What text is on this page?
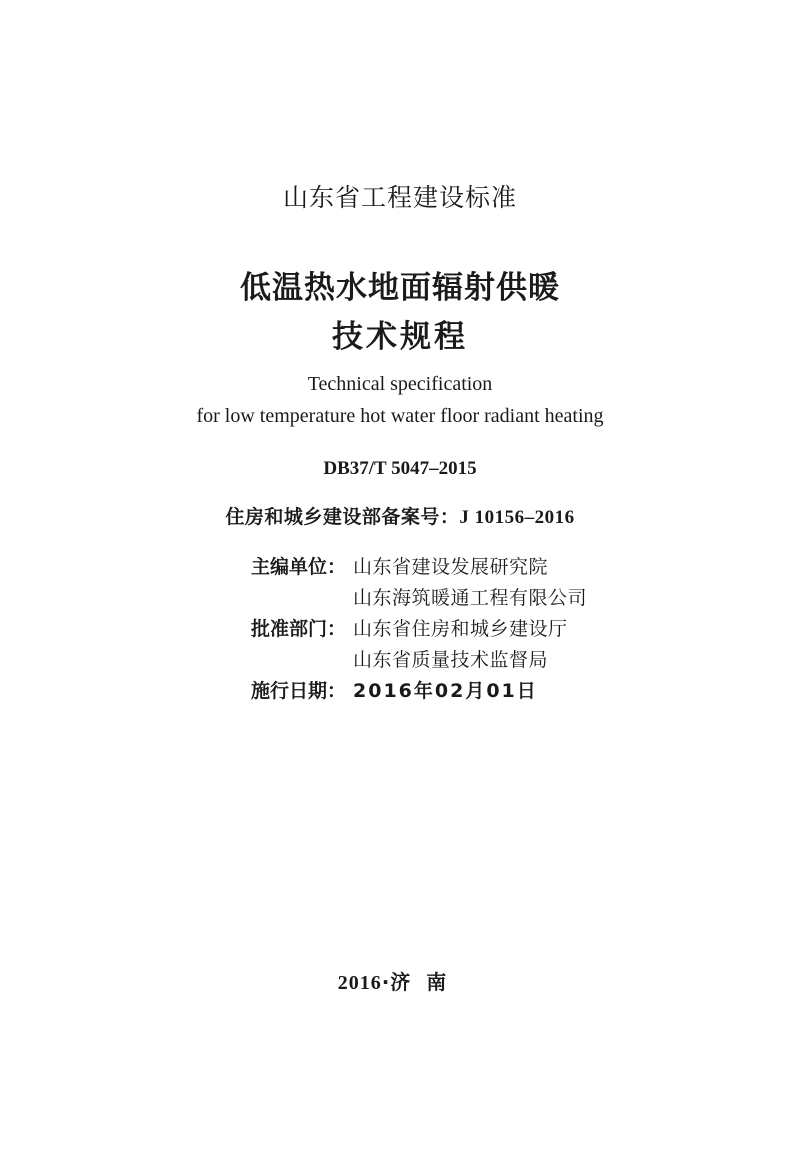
山东省工程建设标准
低温热水地面辐射供暖
技术规程
Technical specification
for low temperature hot water floor radiant heating
DB37/T 5047–2015
住房和城乡建设部备案号：J 10156–2016
主编单位： 山东省建设发展研究院
山东海筑暖通工程有限公司
批准部门： 山东省住房和城乡建设厅
山东省质量技术监督局
施行日期： 2016年02月01日
2016·济南
